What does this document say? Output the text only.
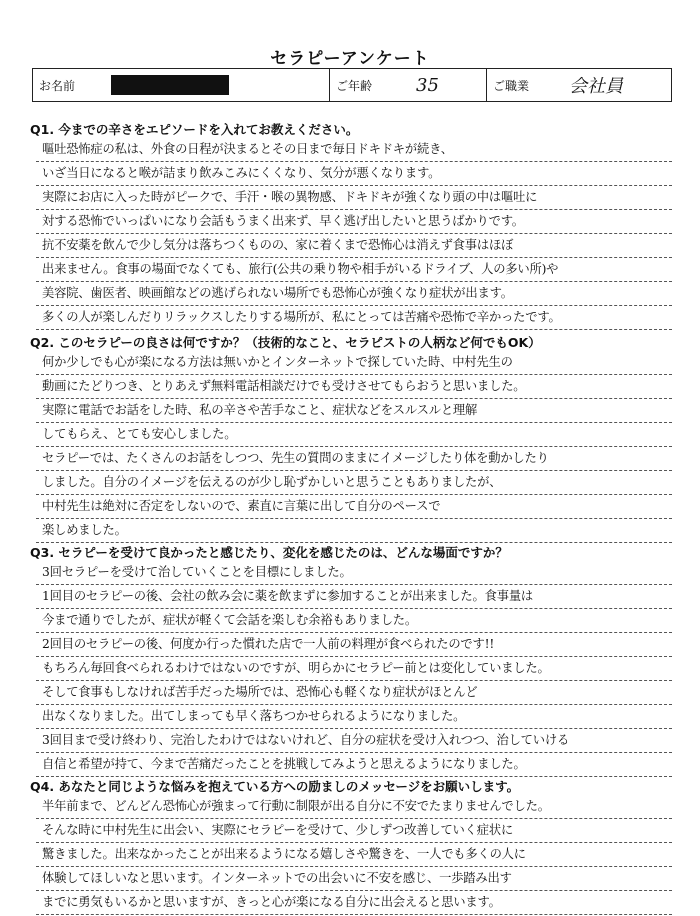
セラピーアンケート
お名前	ご年齢	35	ご職業	会社員
Q1. 今までの辛さをエピソードを入れてお教えください。
嘔吐恐怖症の私は、外食の日程が決まるとその日まで毎日ドキドキが続き、
いざ当日になると喉が詰まり飲みこみにくくなり、気分が悪くなります。
実際にお店に入った時がピークで、手汗・喉の異物感、ドキドキが強くなり頭の中は嘔吐に
対する恐怖でいっぱいになり会話もうまく出来ず、早く逃げ出したいと思うばかりです。
抗不安薬を飲んで少し気分は落ちつくものの、家に着くまで恐怖心は消えず食事はほぼ
出来ません。食事の場面でなくても、旅行(公共の乗り物や相手がいるドライブ、人の多い所)や
美容院、歯医者、映画館などの逃げられない場所でも恐怖心が強くなり症状が出ます。
多くの人が楽しんだりリラックスしたりする場所が、私にとっては苦痛や恐怖で辛かったです。
Q2. このセラピーの良さは何ですか？（技術的なこと、セラピストの人柄など何でもOK）
何か少しでも心が楽になる方法は無いかとインターネットで探していた時、中村先生の
動画にたどりつき、とりあえず無料電話相談だけでも受けさせてもらおうと思いました。
実際に電話でお話をした時、私の辛さや苦手なこと、症状などをスルスルと理解
してもらえ、とても安心しました。
セラピーでは、たくさんのお話をしつつ、先生の質問のままにイメージしたり体を動かしたり
しました。自分のイメージを伝えるのが少し恥ずかしいと思うこともありましたが、
中村先生は絶対に否定をしないので、素直に言葉に出して自分のペースで
楽しめました。
Q3. セラピーを受けて良かったと感じたり、変化を感じたのは、どんな場面ですか？
3回セラピーを受けて治していくことを目標にしました。
1回目のセラピーの後、会社の飲み会に薬を飲まずに参加することが出来ました。食事量は
今まで通りでしたが、症状が軽くて会話を楽しむ余裕もありました。
2回目のセラピーの後、何度か行った慣れた店で一人前の料理が食べられたのです!!
もちろん毎回食べられるわけではないのですが、明らかにセラピー前とは変化していました。
そして食事もしなければ苦手だった場所では、恐怖心も軽くなり症状がほとんど
出なくなりました。出てしまっても早く落ちつかせられるようになりました。
3回目まで受け終わり、完治したわけではないけれど、自分の症状を受け入れつつ、治していける
自信と希望が持て、今まで苦痛だったことを挑戦してみようと思えるようになりました。
Q4. あなたと同じような悩みを抱えている方への励ましのメッセージをお願いします。
半年前まで、どんどん恐怖心が強まって行動に制限が出る自分に不安でたまりませんでした。
そんな時に中村先生に出会い、実際にセラピーを受けて、少しずつ改善していく症状に
驚きました。出来なかったことが出来るようになる嬉しさや驚きを、一人でも多くの人に
体験してほしいなと思います。インターネットでの出会いに不安を感じ、一歩踏み出す
までに勇気もいるかと思いますが、きっと心が楽になる自分に出会えると思います。
